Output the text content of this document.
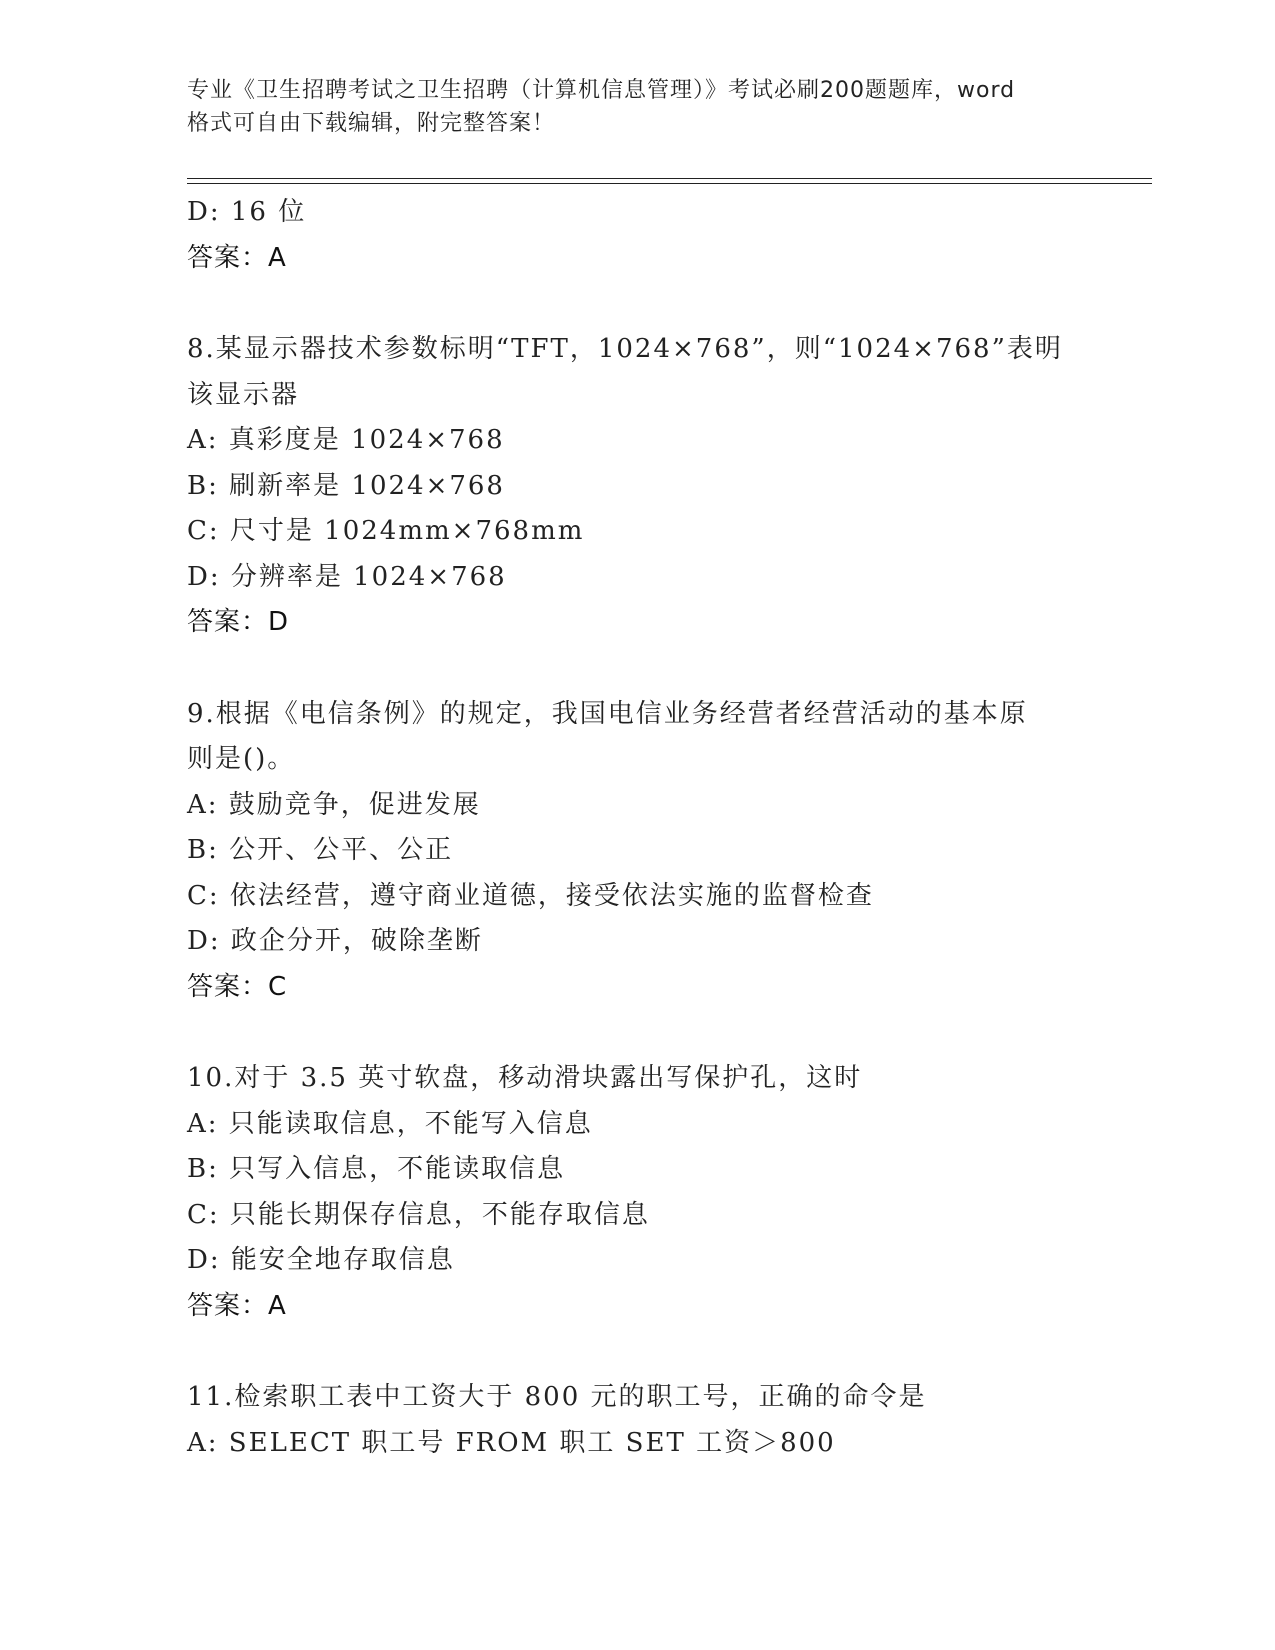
专业《卫生招聘考试之卫生招聘（计算机信息管理）》考试必刷200题题库，word
格式可自由下载编辑，附完整答案！
D: 16 位
答案：A
8.某显示器技术参数标明“TFT，1024×768”，则“1024×768”表明
该显示器
A: 真彩度是 1024×768
B: 刷新率是 1024×768
C: 尺寸是 1024mm×768mm
D: 分辨率是 1024×768
答案：D
9.根据《电信条例》的规定，我国电信业务经营者经营活动的基本原
则是()。
A: 鼓励竞争，促进发展
B: 公开、公平、公正
C: 依法经营，遵守商业道德，接受依法实施的监督检查
D: 政企分开，破除垄断
答案：C
10.对于 3.5 英寸软盘，移动滑块露出写保护孔，这时
A: 只能读取信息，不能写入信息
B: 只写入信息，不能读取信息
C: 只能长期保存信息，不能存取信息
D: 能安全地存取信息
答案：A
11.检索职工表中工资大于 800 元的职工号，正确的命令是
A: SELECT 职工号 FROM 职工 SET 工资＞800
